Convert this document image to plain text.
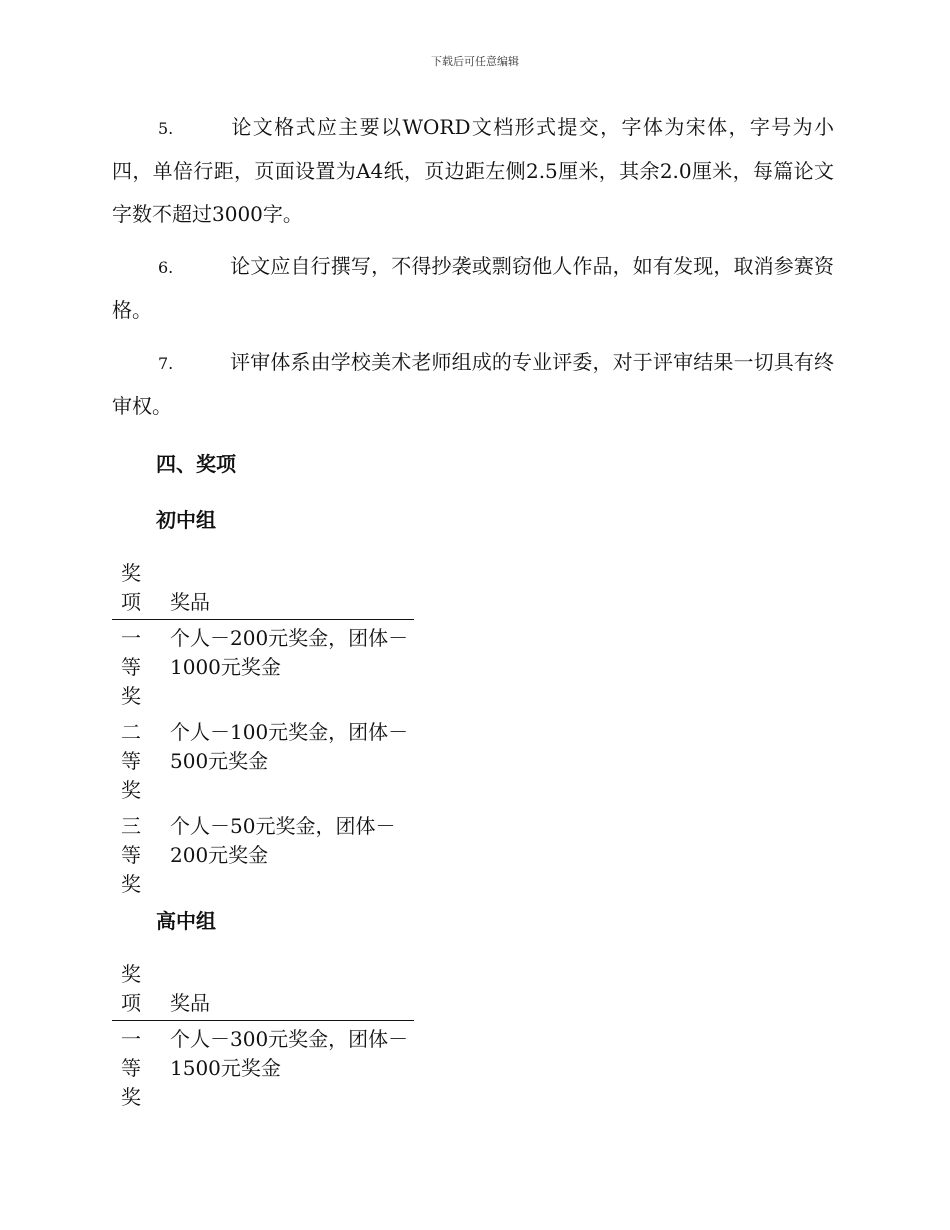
下载后可任意编辑
5.	论文格式应主要以WORD文档形式提交，字体为宋体，字号为小四，单倍行距，页面设置为A4纸，页边距左侧2.5厘米，其余2.0厘米，每篇论文字数不超过3000字。
6.	论文应自行撰写，不得抄袭或剽窃他人作品，如有发现，取消参赛资格。
7.	评审体系由学校美术老师组成的专业评委，对于评审结果一切具有终审权。
四、奖项
初中组
奖项	奖品

一等奖	个人－200元奖金，团体－1000元奖金

二等奖	个人－100元奖金，团体－500元奖金

三等奖	个人－50元奖金，团体－200元奖金
高中组
奖项	奖品

一等奖	个人－300元奖金，团体－1500元奖金
